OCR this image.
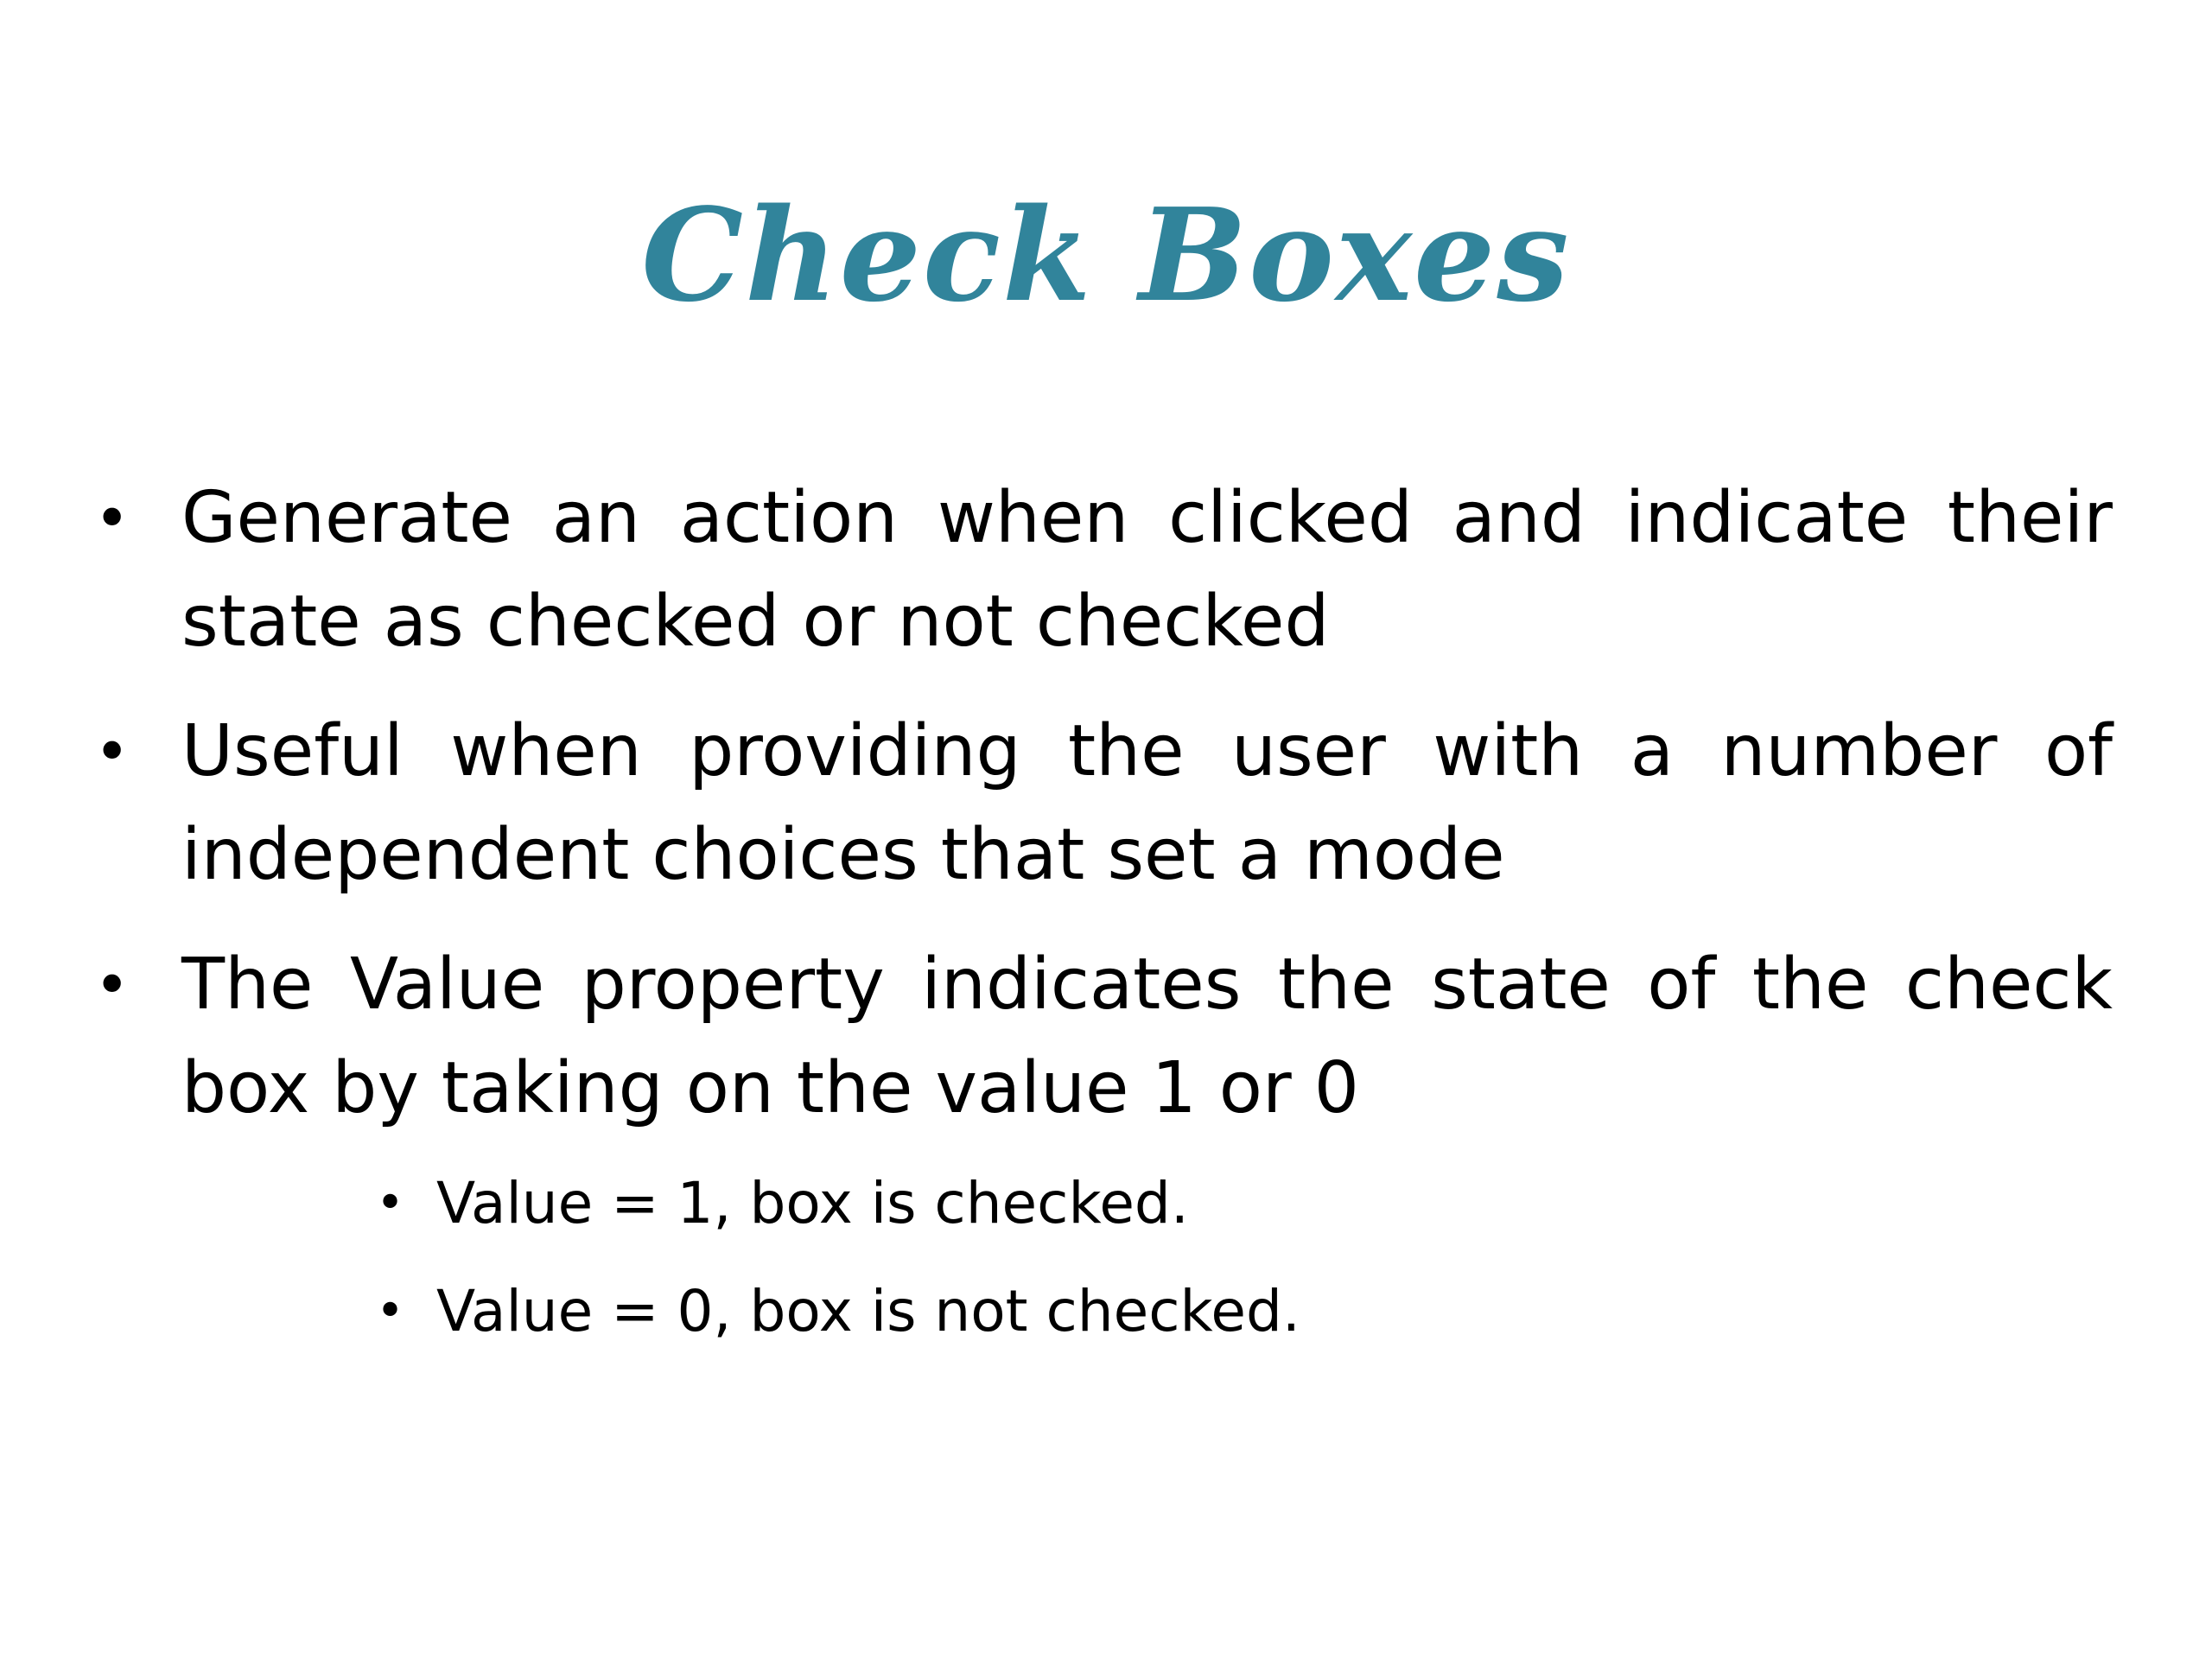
Check Boxes
• Generate an action when clicked and indicate their state as checked or not checked
• Useful when providing the user with a number of independent choices that set a mode
• The Value property indicates the state of the check box by taking on the value 1 or 0
• Value = 1, box is checked.
• Value = 0, box is not checked.
